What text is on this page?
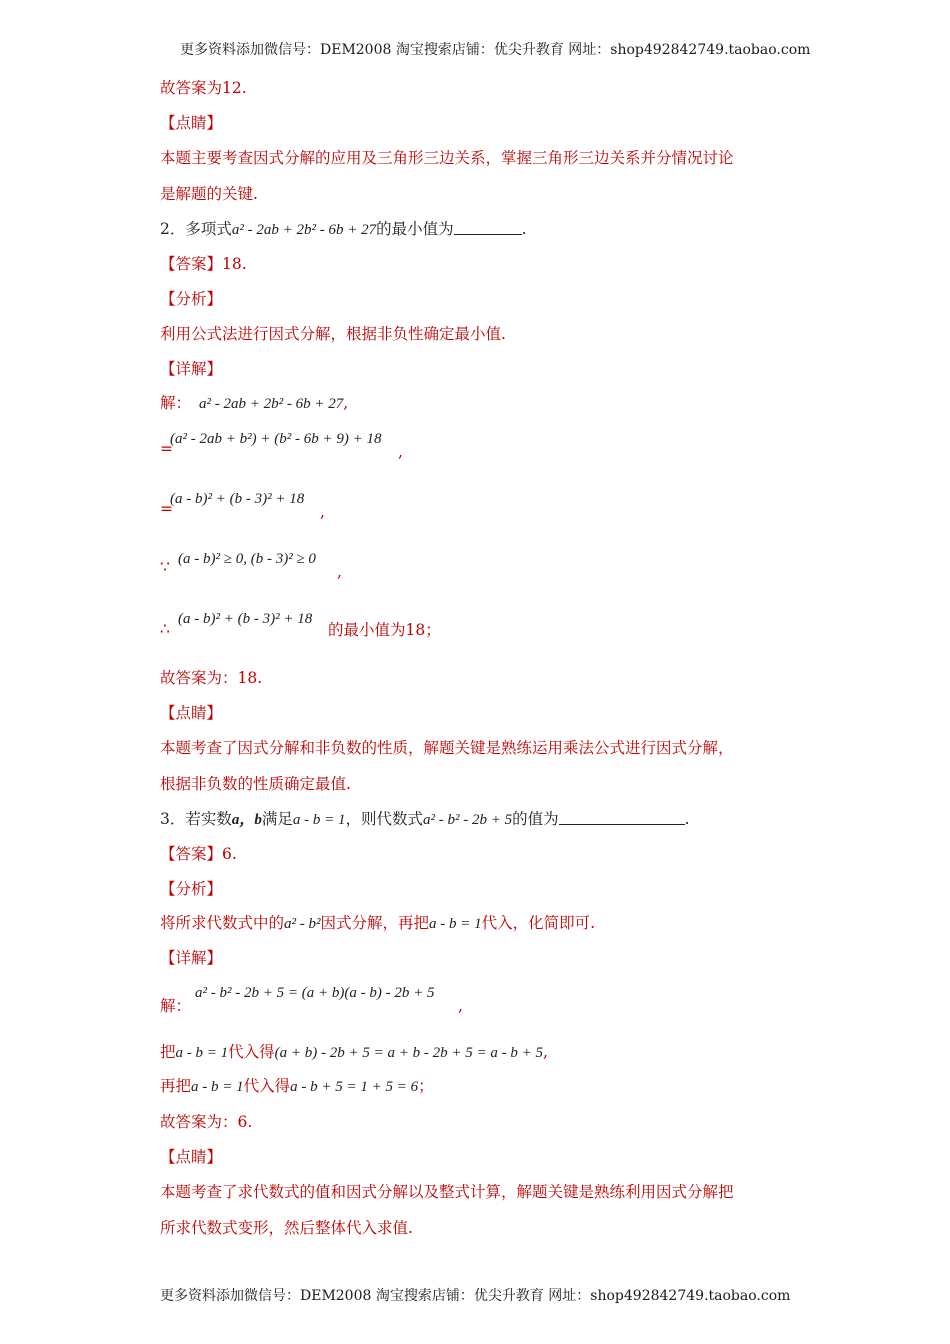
更多资料添加微信号：DEM2008 淘宝搜索店铺：优尖升教育 网址：shop492842749.taobao.com
故答案为12.
【点睛】
本题主要考查因式分解的应用及三角形三边关系，掌握三角形三边关系并分情况讨论
是解题的关键.
2．多项式a² - 2ab + 2b² - 6b + 27的最小值为	.
【答案】18.
【分析】
利用公式法进行因式分解，根据非负性确定最小值.
【详解】
解： a² - 2ab + 2b² - 6b + 27,
=
(a² - 2ab + b²) + (b² - 6b + 9) + 18
,
=
(a - b)² + (b - 3)² + 18
,
∵ (a - b)² ≥ 0, (b - 3)² ≥ 0
,
∴
(a - b)² + (b - 3)² + 18
的最小值为18；
故答案为：18.
【点睛】
本题考查了因式分解和非负数的性质，解题关键是熟练运用乘法公式进行因式分解，
根据非负数的性质确定最值.
3．若实数a，b满足a - b = 1，则代数式a² - b² - 2b + 5的值为	.
【答案】6.
【分析】
将所求代数式中的a² - b²因式分解，再把a - b = 1代入，化简即可.
【详解】
解：
a² - b² - 2b + 5 = (a + b)(a - b) - 2b + 5
,
把a - b = 1代入得(a + b) - 2b + 5 = a + b - 2b + 5 = a - b + 5,
再把a - b = 1代入得a - b + 5 = 1 + 5 = 6；
故答案为：6.
【点睛】
本题考查了求代数式的值和因式分解以及整式计算，解题关键是熟练利用因式分解把
所求代数式变形，然后整体代入求值.
更多资料添加微信号：DEM2008 淘宝搜索店铺：优尖升教育 网址：shop492842749.taobao.com
